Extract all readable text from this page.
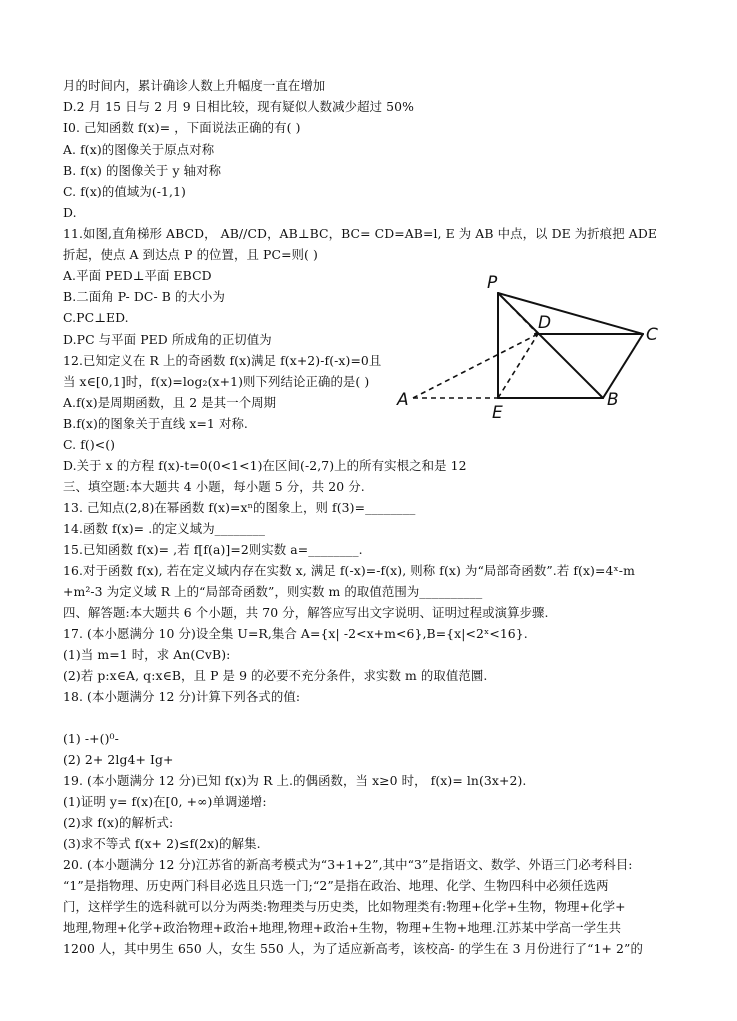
月的时间内，累计确诊人数上升幅度一直在增加
D.2 月 15 日与 2 月 9 日相比较，现有疑似人数减少超过 50%
I0. 己知函数 f(x)= ，下面说法正确的有( )
A. f(x)的图像关于原点对称
B. f(x) 的图像关于 y 轴对称
C. f(x)的值域为(-1,1)
D.
11.如图,直角梯形 ABCD， AB//CD，AB⊥BC，BC= CD=AB=l, E 为 AB 中点，以 DE 为折痕把 ADE
折起，使点 A 到达点 P 的位置，且 PC=则( )
A.平面 PED⊥平面 EBCD
B.二面角 P- DC- B 的大小为
C.PC⊥ED.
D.PC 与平面 PED 所成角的正切值为
12.已知定义在 R 上的奇函数 f(x)满足 f(x+2)-f(-x)=0且
当 x∈[0,1]时，f(x)=log₂(x+1)则下列结论正确的是( )
A.f(x)是周期函数，且 2 是其一个周期
B.f(x)的图象关于直线 x=1 对称.
C. f()<()
D.关于 x 的方程 f(x)-t=0(0<1<1)在区间(-2,7)上的所有实根之和是 12
三、填空题:本大题共 4 小题，每小题 5 分，共 20 分.
13. 己知点(2,8)在幂函数 f(x)=xⁿ的图象上，则 f(3)=________
14.函数 f(x)= .的定义域为________
15.已知函数 f(x)= ,若 f[f(a)]=2则实数 a=________.
16.对于函数 f(x), 若在定义域内存在实数 x, 满足 f(-x)=-f(x), 则称 f(x) 为“局部奇函数”.若 f(x)=4ˣ-m
+m²-3 为定义域 R 上的“局部奇函数”，则实数 m 的取值范围为__________
四、解答题:本大题共 6 个小题，共 70 分，解答应写出文字说明、证明过程或演算步骤.
17. (本小愿满分 10 分)设全集 U=R,集合 A={x| -2<x+m<6},B={x|<2ˣ<16}.
(1)当 m=1 时，求 An(CvB):
(2)若 p:x∈A, q:x∈B，且 P 是 9 的必要不充分条件，求实数 m 的取值范圜.
18. (本小题满分 12 分)计算下列各式的值:
(1) -+()⁰-
(2) 2+ 2lg4+ Ig+
19. (本小题满分 12 分)已知 f(x)为 R 上.的偶函数，当 x≥0 时， f(x)= ln(3x+2).
(1)证明 y= f(x)在[0, +∞)单调递增:
(2)求 f(x)的解析式:
(3)求不等式 f(x+ 2)≤f(2x)的解集.
20. (本小题满分 12 分)江苏省的新高考模式为“3+1+2”,其中“3”是指语文、数学、外语三门必考科目:
“1”是指物理、历史两门科目必选且只选一门;“2”是指在政治、地理、化学、生物四科中必须任选两
门，这样学生的选科就可以分为两类:物理类与历史类，比如物理类有:物理+化学+生物，物理+化学+
地理,物理+化学+政治物理+政治+地理,物理+政治+生物，物理+生物+地理.江苏某中学高一学生共
1200 人，其中男生 650 人，女生 550 人，为了适应新高考，该校高- 的学生在 3 月份进行了“1+ 2”的
P
D
C
A
E
B
